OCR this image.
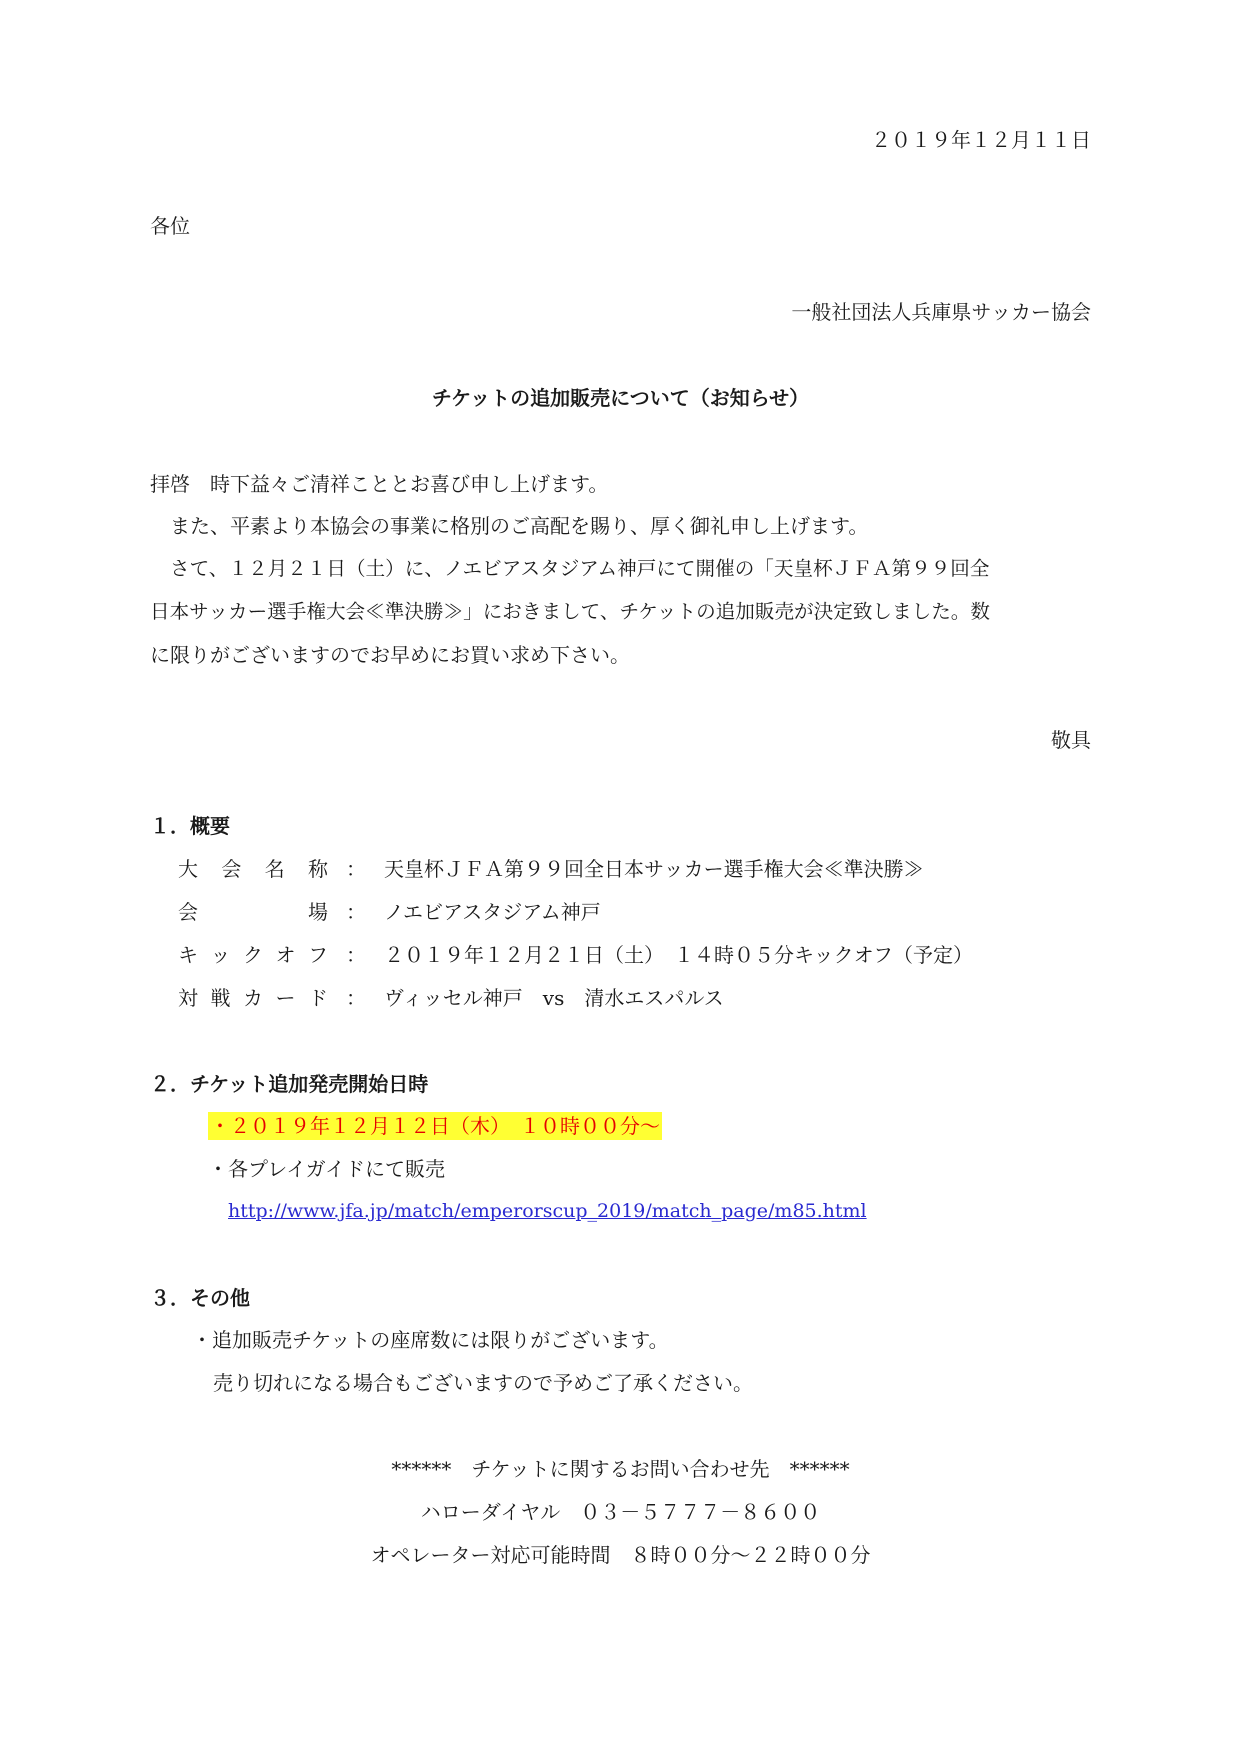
２０１９年１２月１１日
各位
一般社団法人兵庫県サッカー協会
チケットの追加販売について（お知らせ）
拝啓　時下益々ご清祥こととお喜び申し上げます。
また、平素より本協会の事業に格別のご高配を賜り、厚く御礼申し上げます。
さて、１２月２１日（土）に、ノエビアスタジアム神戸にて開催の「天皇杯ＪＦＡ第９９回全
日本サッカー選手権大会≪準決勝≫」におきまして、チケットの追加販売が決定致しました。数
に限りがございますのでお早めにお買い求め下さい。
敬具
１．概要
大 会 名 称 ： 天皇杯ＪＦＡ第９９回全日本サッカー選手権大会≪準決勝≫
会	場 ： ノエビアスタジアム神戸
キ ッ ク オ フ ： ２０１９年１２月２１日（土）　１４時０５分キックオフ（予定）
対 戦 カ ー ド ： ヴィッセル神戸　vs　清水エスパルス
２．チケット追加発売開始日時
・２０１９年１２月１２日（木）　１０時００分～
・各プレイガイドにて販売
http://www.jfa.jp/match/emperorscup_2019/match_page/m85.html
３．その他
・追加販売チケットの座席数には限りがございます。
売り切れになる場合もございますので予めご了承ください。
******　チケットに関するお問い合わせ先　******
ハローダイヤル　０３－５７７７－８６００
オペレーター対応可能時間　８時００分～２２時００分
